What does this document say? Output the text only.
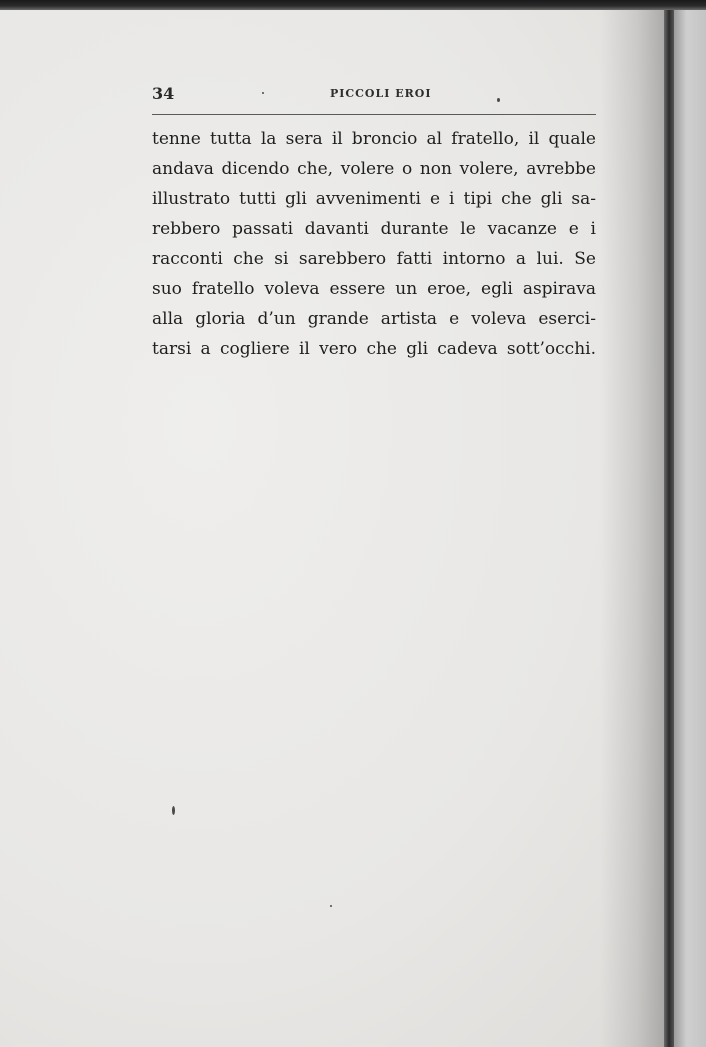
34	PICCOLI EROI
tenne tutta la sera il broncio al fratello, il quale
andava dicendo che, volere o non volere, avrebbe
illustrato tutti gli avvenimenti e i tipi che gli sa-
rebbero passati davanti durante le vacanze e i
racconti che si sarebbero fatti intorno a lui. Se
suo fratello voleva essere un eroe, egli aspirava
alla gloria d’un grande artista e voleva eserci-
tarsi a cogliere il vero che gli cadeva sott’occhi.
